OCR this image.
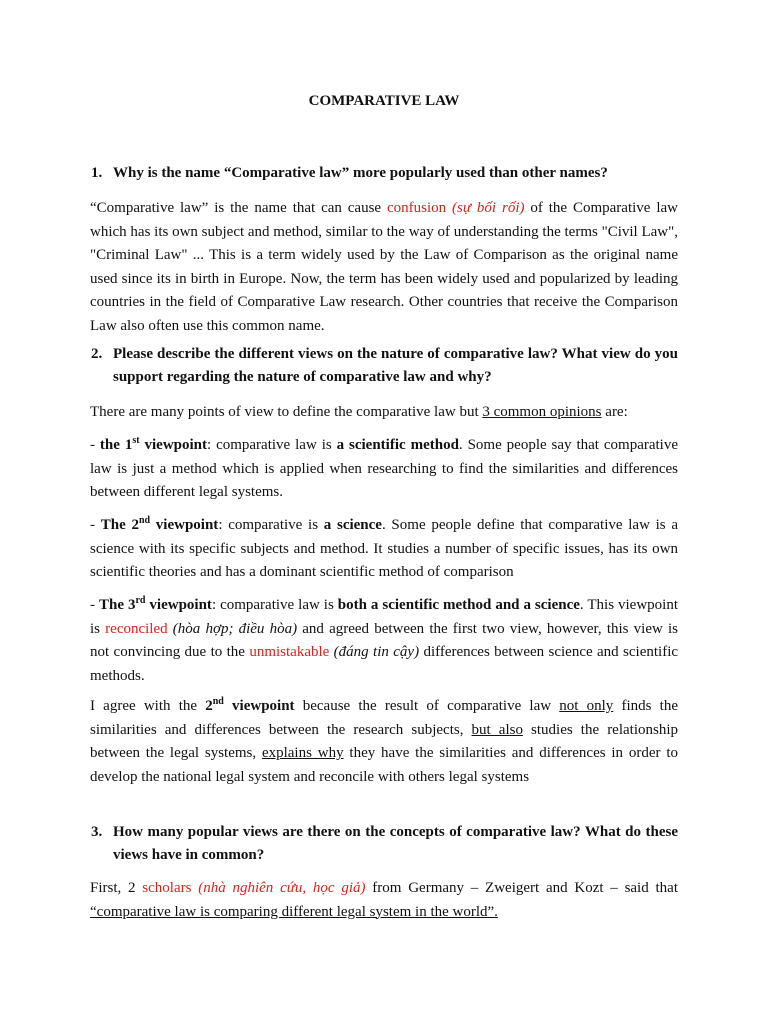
COMPARATIVE LAW
1. Why is the name “Comparative law” more popularly used than other names?
“Comparative law” is the name that can cause confusion (sự bối rối) of the Comparative law which has its own subject and method, similar to the way of understanding the terms "Civil Law", "Criminal Law" ... This is a term widely used by the Law of Comparison as the original name used since its in birth in Europe. Now, the term has been widely used and popularized by leading countries in the field of Comparative Law research. Other countries that receive the Comparison Law also often use this common name.
2. Please describe the different views on the nature of comparative law? What view do you support regarding the nature of comparative law and why?
There are many points of view to define the comparative law but 3 common opinions are:
- the 1st viewpoint: comparative law is a scientific method. Some people say that comparative law is just a method which is applied when researching to find the similarities and differences between different legal systems.
- The 2nd viewpoint: comparative is a science. Some people define that comparative law is a science with its specific subjects and method. It studies a number of specific issues, has its own scientific theories and has a dominant scientific method of comparison
- The 3rd viewpoint: comparative law is both a scientific method and a science. This viewpoint is reconciled (hòa hợp; điều hòa) and agreed between the first two view, however, this view is not convincing due to the unmistakable (đáng tin cậy) differences between science and scientific methods.
I agree with the 2nd viewpoint because the result of comparative law not only finds the similarities and differences between the research subjects, but also studies the relationship between the legal systems, explains why they have the similarities and differences in order to develop the national legal system and reconcile with others legal systems
3. How many popular views are there on the concepts of comparative law? What do these views have in common?
First, 2 scholars (nhà nghiên cứu, học giả) from Germany – Zweigert and Kozt – said that “comparative law is comparing different legal system in the world”.
